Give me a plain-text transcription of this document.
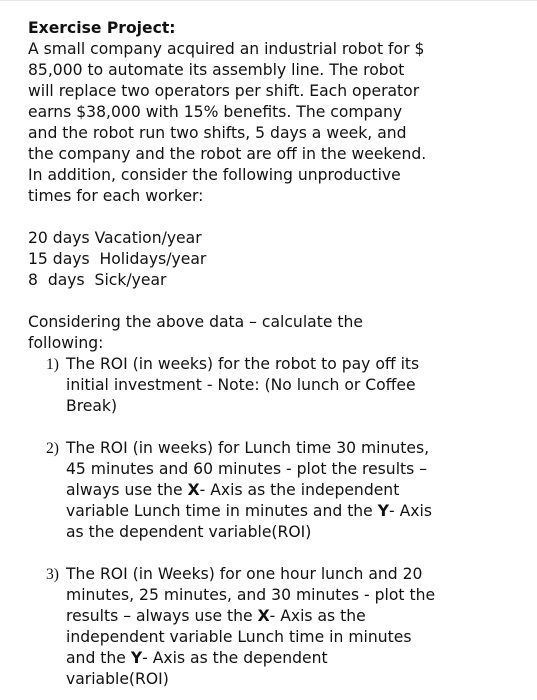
Exercise Project:

A small company acquired an industrial robot for $
85,000 to automate its assembly line. The robot
will replace two operators per shift. Each operator
earns $38,000 with 15% benefits. The company
and the robot run two shifts, 5 days a week, and
the company and the robot are off in the weekend.
In addition, consider the following unproductive
times for each worker:

20 days Vacation/year
15 days  Holidays/year
8  days  Sick/year

Considering the above data – calculate the
following:

1) The ROI (in weeks) for the robot to pay off its
initial investment - Note: (No lunch or Coffee
Break)
2) The ROI (in weeks) for Lunch time 30 minutes,
45 minutes and 60 minutes - plot the results –
always use the X- Axis as the independent
variable Lunch time in minutes and the Y- Axis
as the dependent variable(ROI)
3) The ROI (in Weeks) for one hour lunch and 20
minutes, 25 minutes, and 30 minutes - plot the
results – always use the X- Axis as the
independent variable Lunch time in minutes
and the Y- Axis as the dependent
variable(ROI)
